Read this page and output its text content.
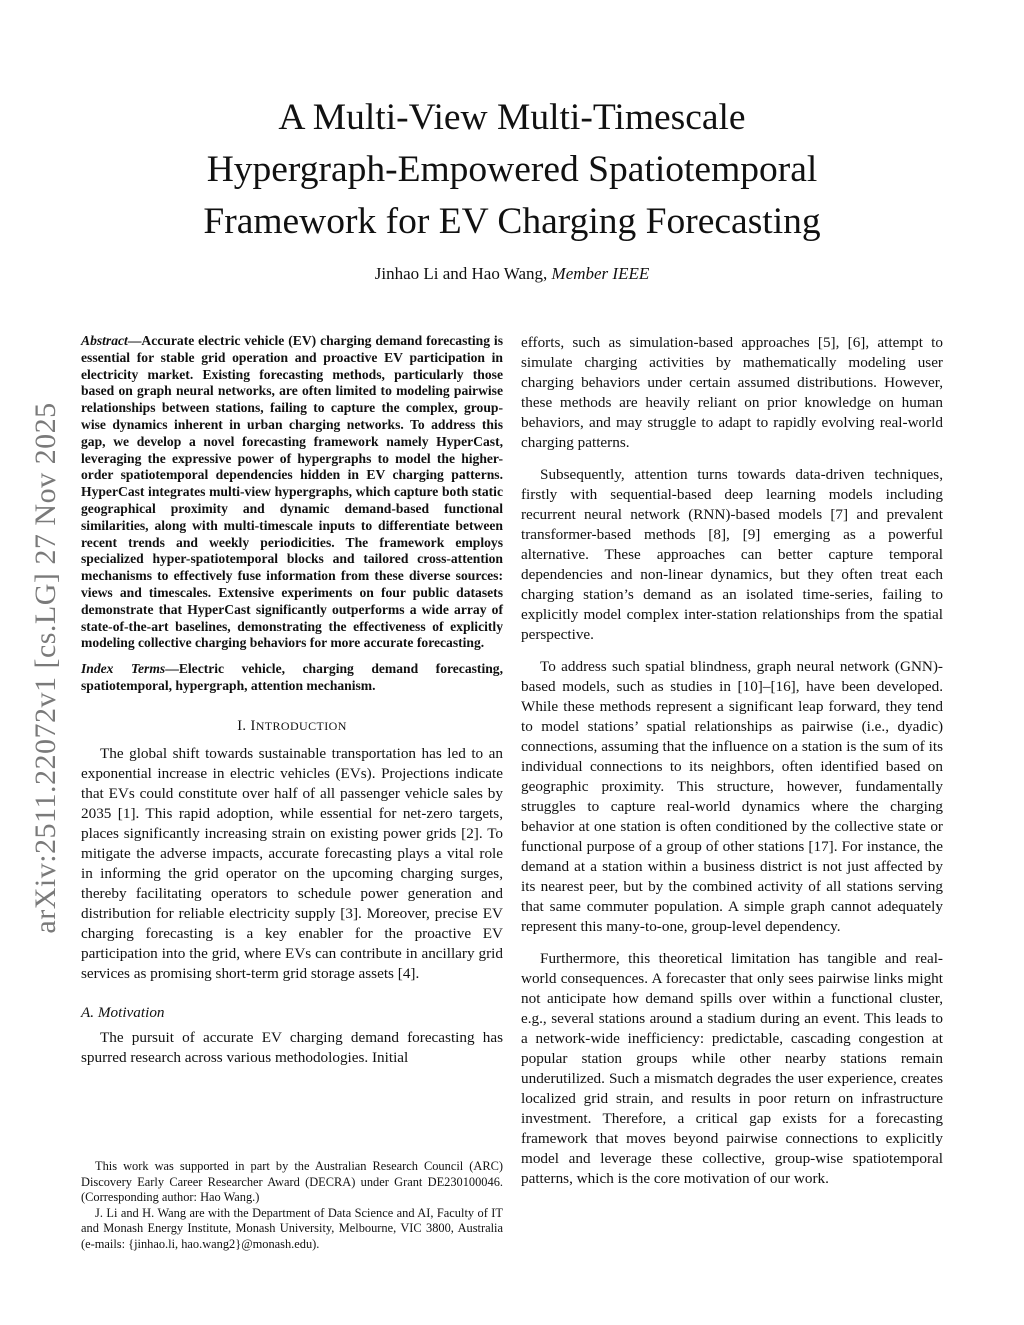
arXiv:2511.22072v1 [cs.LG] 27 Nov 2025
A Multi-View Multi-Timescale
Hypergraph-Empowered Spatiotemporal
Framework for EV Charging Forecasting
Jinhao Li and Hao Wang, Member IEEE

Abstract—Accurate electric vehicle (EV) charging demand forecasting is essential for stable grid operation and proactive EV participation in electricity market. Existing forecasting methods, particularly those based on graph neural networks, are often limited to modeling pairwise relationships between stations, failing to capture the complex, group-wise dynamics inherent in urban charging networks. To address this gap, we develop a novel forecasting framework namely HyperCast, leveraging the expressive power of hypergraphs to model the higher-order spatiotemporal dependencies hidden in EV charging patterns. HyperCast integrates multi-view hypergraphs, which capture both static geographical proximity and dynamic demand-based functional similarities, along with multi-timescale inputs to differentiate between recent trends and weekly periodicities. The framework employs specialized hyper-spatiotemporal blocks and tailored cross-attention mechanisms to effectively fuse information from these diverse sources: views and timescales. Extensive experiments on four public datasets demonstrate that HyperCast significantly outperforms a wide array of state-of-the-art baselines, demonstrating the effectiveness of explicitly modeling collective charging behaviors for more accurate forecasting.

Index Terms—Electric vehicle, charging demand forecasting, spatiotemporal, hypergraph, attention mechanism.

I. INTRODUCTION

The global shift towards sustainable transportation has led to an exponential increase in electric vehicles (EVs). Projections indicate that EVs could constitute over half of all passenger vehicle sales by 2035 [1]. This rapid adoption, while essential for net-zero targets, places significantly increasing strain on existing power grids [2]. To mitigate the adverse impacts, accurate forecasting plays a vital role in informing the grid operator on the upcoming charging surges, thereby facilitating operators to schedule power generation and distribution for reliable electricity supply [3]. Moreover, precise EV charging forecasting is a key enabler for the proactive EV participation into the grid, where EVs can contribute in ancillary grid services as promising short-term grid storage assets [4].

A. Motivation

The pursuit of accurate EV charging demand forecasting has spurred research across various methodologies. Initial

This work was supported in part by the Australian Research Council (ARC) Discovery Early Career Researcher Award (DECRA) under Grant DE230100046. (Corresponding author: Hao Wang.)

J. Li and H. Wang are with the Department of Data Science and AI, Faculty of IT and Monash Energy Institute, Monash University, Melbourne, VIC 3800, Australia (e-mails: {jinhao.li, hao.wang2}@monash.edu).

efforts, such as simulation-based approaches [5], [6], attempt to simulate charging activities by mathematically modeling user charging behaviors under certain assumed distributions. However, these methods are heavily reliant on prior knowledge on human behaviors, and may struggle to adapt to rapidly evolving real-world charging patterns.

Subsequently, attention turns towards data-driven techniques, firstly with sequential-based deep learning models including recurrent neural network (RNN)-based models [7] and prevalent transformer-based methods [8], [9] emerging as a powerful alternative. These approaches can better capture temporal dependencies and non-linear dynamics, but they often treat each charging station’s demand as an isolated time-series, failing to explicitly model complex inter-station relationships from the spatial perspective.

To address such spatial blindness, graph neural network (GNN)-based models, such as studies in [10]–[16], have been developed. While these methods represent a significant leap forward, they tend to model stations’ spatial relationships as pairwise (i.e., dyadic) connections, assuming that the influence on a station is the sum of its individual connections to its neighbors, often identified based on geographic proximity. This structure, however, fundamentally struggles to capture real-world dynamics where the charging behavior at one station is often conditioned by the collective state or functional purpose of a group of other stations [17]. For instance, the demand at a station within a business district is not just affected by its nearest peer, but by the combined activity of all stations serving that same commuter population. A simple graph cannot adequately represent this many-to-one, group-level dependency.

Furthermore, this theoretical limitation has tangible and real-world consequences. A forecaster that only sees pairwise links might not anticipate how demand spills over within a functional cluster, e.g., several stations around a stadium during an event. This leads to a network-wide inefficiency: predictable, cascading congestion at popular station groups while other nearby stations remain underutilized. Such a mismatch degrades the user experience, creates localized grid strain, and results in poor return on infrastructure investment. Therefore, a critical gap exists for a forecasting framework that moves beyond pairwise connections to explicitly model and leverage these collective, group-wise spatiotemporal patterns, which is the core motivation of our work.
